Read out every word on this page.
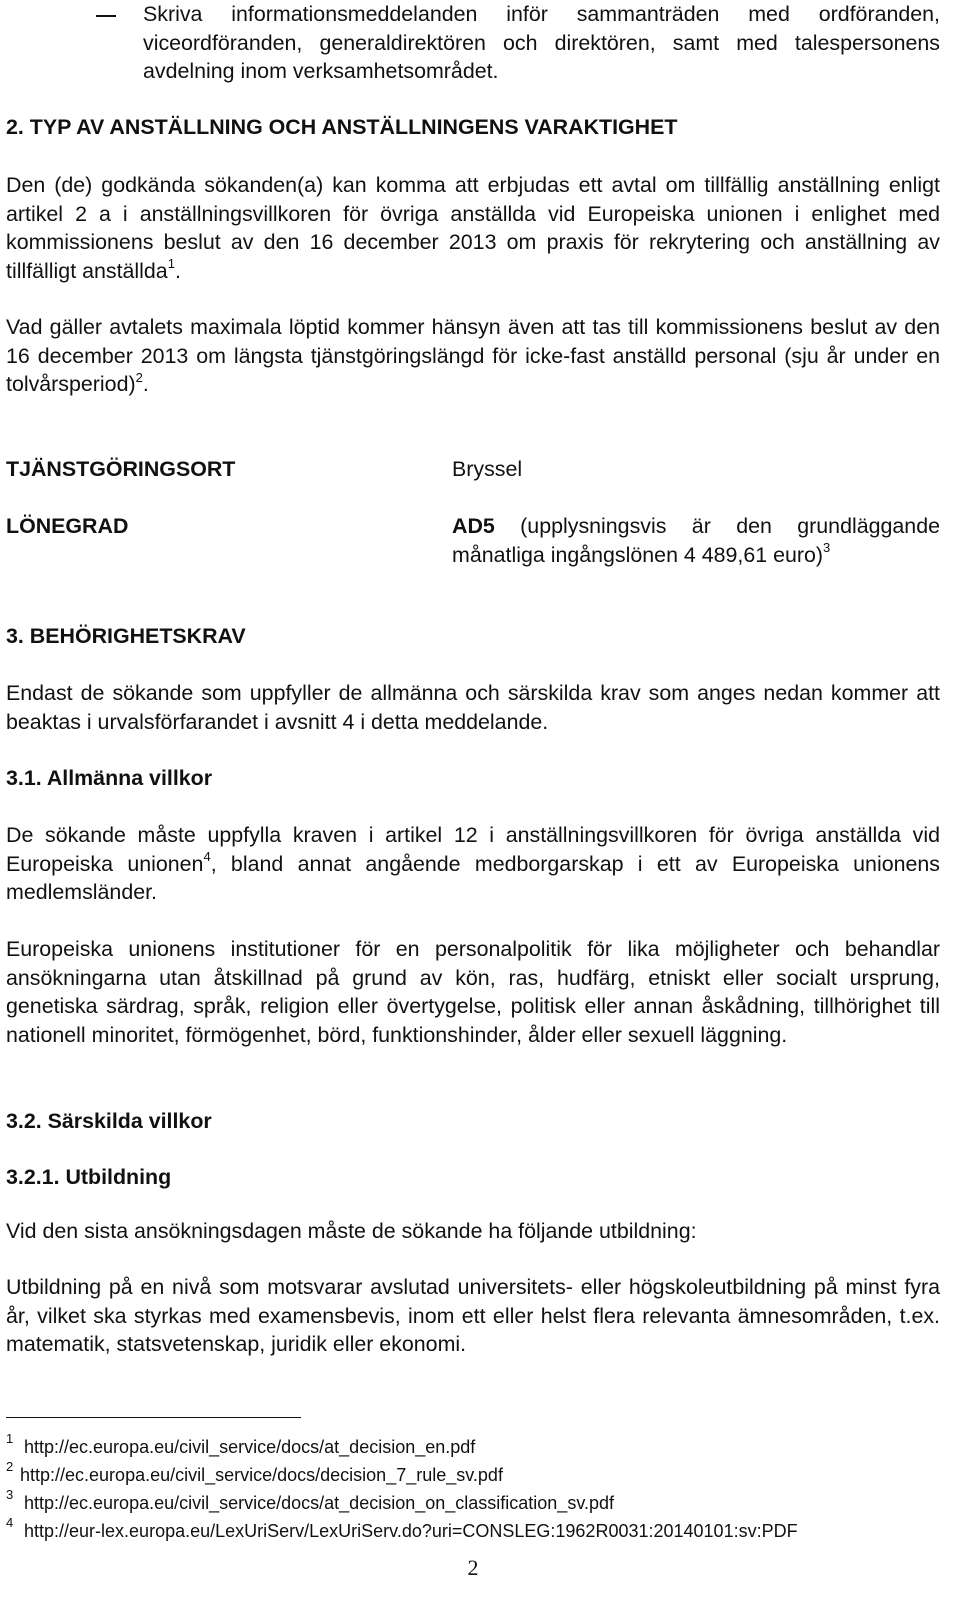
Skriva informationsmeddelanden inför sammanträden med ordföranden, viceordföranden, generaldirektören och direktören, samt med talespersonens avdelning inom verksamhetsområdet.
2. TYP AV ANSTÄLLNING OCH ANSTÄLLNINGENS VARAKTIGHET

Den (de) godkända sökanden(a) kan komma att erbjudas ett avtal om tillfällig anställning enligt artikel 2 a i anställningsvillkoren för övriga anställda vid Europeiska unionen i enlighet med kommissionens beslut av den 16 december 2013 om praxis för rekrytering och anställning av tillfälligt anställda$^1$.

Vad gäller avtalets maximala löptid kommer hänsyn även att tas till kommissionens beslut av den 16 december 2013 om längsta tjänstgöringslängd för icke-fast anställd personal (sju år under en tolvårsperiod)$^2$.

TJÄNSTGÖRINGSORT	Bryssel
LÖNEGRAD	AD5 (upplysningsvis är den grundläggande månatliga ingångslönen 4 489,61 euro)$^3$
3. BEHÖRIGHETSKRAV

Endast de sökande som uppfyller de allmänna och särskilda krav som anges nedan kommer att beaktas i urvalsförfarandet i avsnitt 4 i detta meddelande.

3.1. Allmänna villkor

De sökande måste uppfylla kraven i artikel 12 i anställningsvillkoren för övriga anställda vid Europeiska unionen$^4$, bland annat angående medborgarskap i ett av Europeiska unionens medlemsländer.

Europeiska unionens institutioner för en personalpolitik för lika möjligheter och behandlar ansökningarna utan åtskillnad på grund av kön, ras, hudfärg, etniskt eller socialt ursprung, genetiska särdrag, språk, religion eller övertygelse, politisk eller annan åskådning, tillhörighet till nationell minoritet, förmögenhet, börd, funktionshinder, ålder eller sexuell läggning.

3.2. Särskilda villkor
3.2.1. Utbildning

Vid den sista ansökningsdagen måste de sökande ha följande utbildning:

Utbildning på en nivå som motsvarar avslutad universitets- eller högskoleutbildning på minst fyra år, vilket ska styrkas med examensbevis, inom ett eller helst flera relevanta ämnesområden, t.ex. matematik, statsvetenskap, juridik eller ekonomi.

1 http://ec.europa.eu/civil_service/docs/at_decision_en.pdf
2 http://ec.europa.eu/civil_service/docs/decision_7_rule_sv.pdf
3 http://ec.europa.eu/civil_service/docs/at_decision_on_classification_sv.pdf
4 http://eur-lex.europa.eu/LexUriServ/LexUriServ.do?uri=CONSLEG:1962R0031:20140101:sv:PDF
2
